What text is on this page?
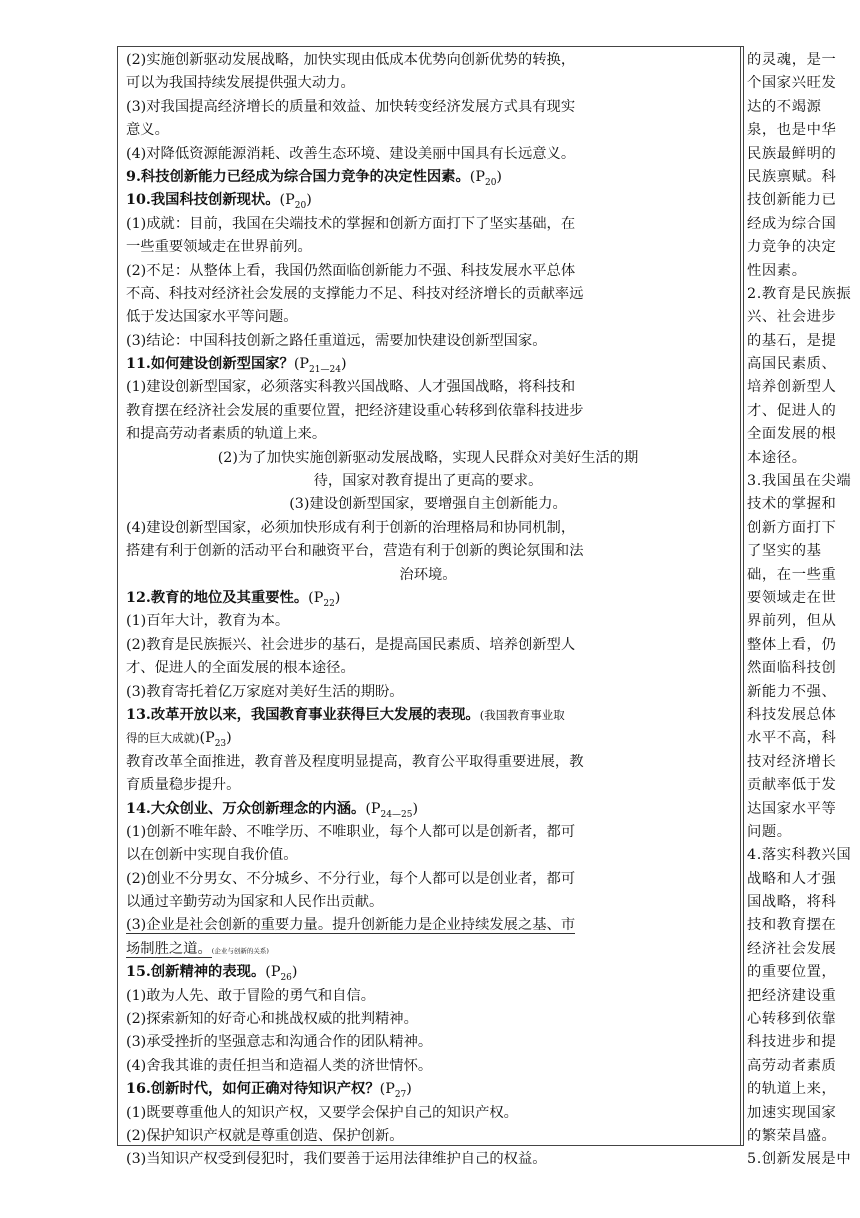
(2)实施创新驱动发展战略，加快实现由低成本优势向创新优势的转换，
可以为我国持续发展提供强大动力。
(3)对我国提高经济增长的质量和效益、加快转变经济发展方式具有现实
意义。
(4)对降低资源能源消耗、改善生态环境、建设美丽中国具有长远意义。
9.科技创新能力已经成为综合国力竞争的决定性因素。$(P_{20})$
10.我国科技创新现状。$(P_{20})$
(1)成就：目前，我国在尖端技术的掌握和创新方面打下了坚实基础，在
一些重要领域走在世界前列。
(2)不足：从整体上看，我国仍然面临创新能力不强、科技发展水平总体
不高、科技对经济社会发展的支撑能力不足、科技对经济增长的贡献率远
低于发达国家水平等问题。
(3)结论：中国科技创新之路任重道远，需要加快建设创新型国家。
11.如何建设创新型国家？$(P_{21—24})$
(1)建设创新型国家，必须落实科教兴国战略、人才强国战略，将科技和
教育摆在经济社会发展的重要位置，把经济建设重心转移到依靠科技进步
和提高劳动者素质的轨道上来。
(2)为了加快实施创新驱动发展战略，实现人民群众对美好生活的期
待，国家对教育提出了更高的要求。
(3)建设创新型国家，要增强自主创新能力。
(4)建设创新型国家，必须加快形成有利于创新的治理格局和协同机制，
搭建有利于创新的活动平台和融资平台，营造有利于创新的舆论氛围和法
治环境。
12.教育的地位及其重要性。$(P_{22})$
(1)百年大计，教育为本。
(2)教育是民族振兴、社会进步的基石，是提高国民素质、培养创新型人
才、促进人的全面发展的根本途径。
(3)教育寄托着亿万家庭对美好生活的期盼。
13.改革开放以来，我国教育事业获得巨大发展的表现。(我国教育事业取
得的巨大成就)$(P_{23})$
教育改革全面推进，教育普及程度明显提高，教育公平取得重要进展，教
育质量稳步提升。
14.大众创业、万众创新理念的内涵。$(P_{24—25})$
(1)创新不唯年龄、不唯学历、不唯职业，每个人都可以是创新者，都可
以在创新中实现自我价值。
(2)创业不分男女、不分城乡、不分行业，每个人都可以是创业者，都可
以通过辛勤劳动为国家和人民作出贡献。
(3)企业是社会创新的重要力量。提升创新能力是企业持续发展之基、市
场制胜之道。(企业与创新的关系)
15.创新精神的表现。$(P_{26})$
(1)敢为人先、敢于冒险的勇气和自信。
(2)探索新知的好奇心和挑战权威的批判精神。
(3)承受挫折的坚强意志和沟通合作的团队精神。
(4)舍我其谁的责任担当和造福人类的济世情怀。
16.创新时代，如何正确对待知识产权？$(P_{27})$
(1)既要尊重他人的知识产权，又要学会保护自己的知识产权。
(2)保护知识产权就是尊重创造、保护创新。
(3)当知识产权受到侵犯时，我们要善于运用法律维护自己的权益。
的灵魂，是一
个国家兴旺发
达的不竭源
泉，也是中华
民族最鲜明的
民族禀赋。科
技创新能力已
经成为综合国
力竞争的决定
性因素。
2.教育是民族振
兴、社会进步
的基石，是提
高国民素质、
培养创新型人
才、促进人的
全面发展的根
本途径。
3.我国虽在尖端
技术的掌握和
创新方面打下
了坚实的基
础，在一些重
要领域走在世
界前列，但从
整体上看，仍
然面临科技创
新能力不强、
科技发展总体
水平不高，科
技对经济增长
贡献率低于发
达国家水平等
问题。
4.落实科教兴国
战略和人才强
国战略，将科
技和教育摆在
经济社会发展
的重要位置，
把经济建设重
心转移到依靠
科技进步和提
高劳动者素质
的轨道上来，
加速实现国家
的繁荣昌盛。
5.创新发展是中
